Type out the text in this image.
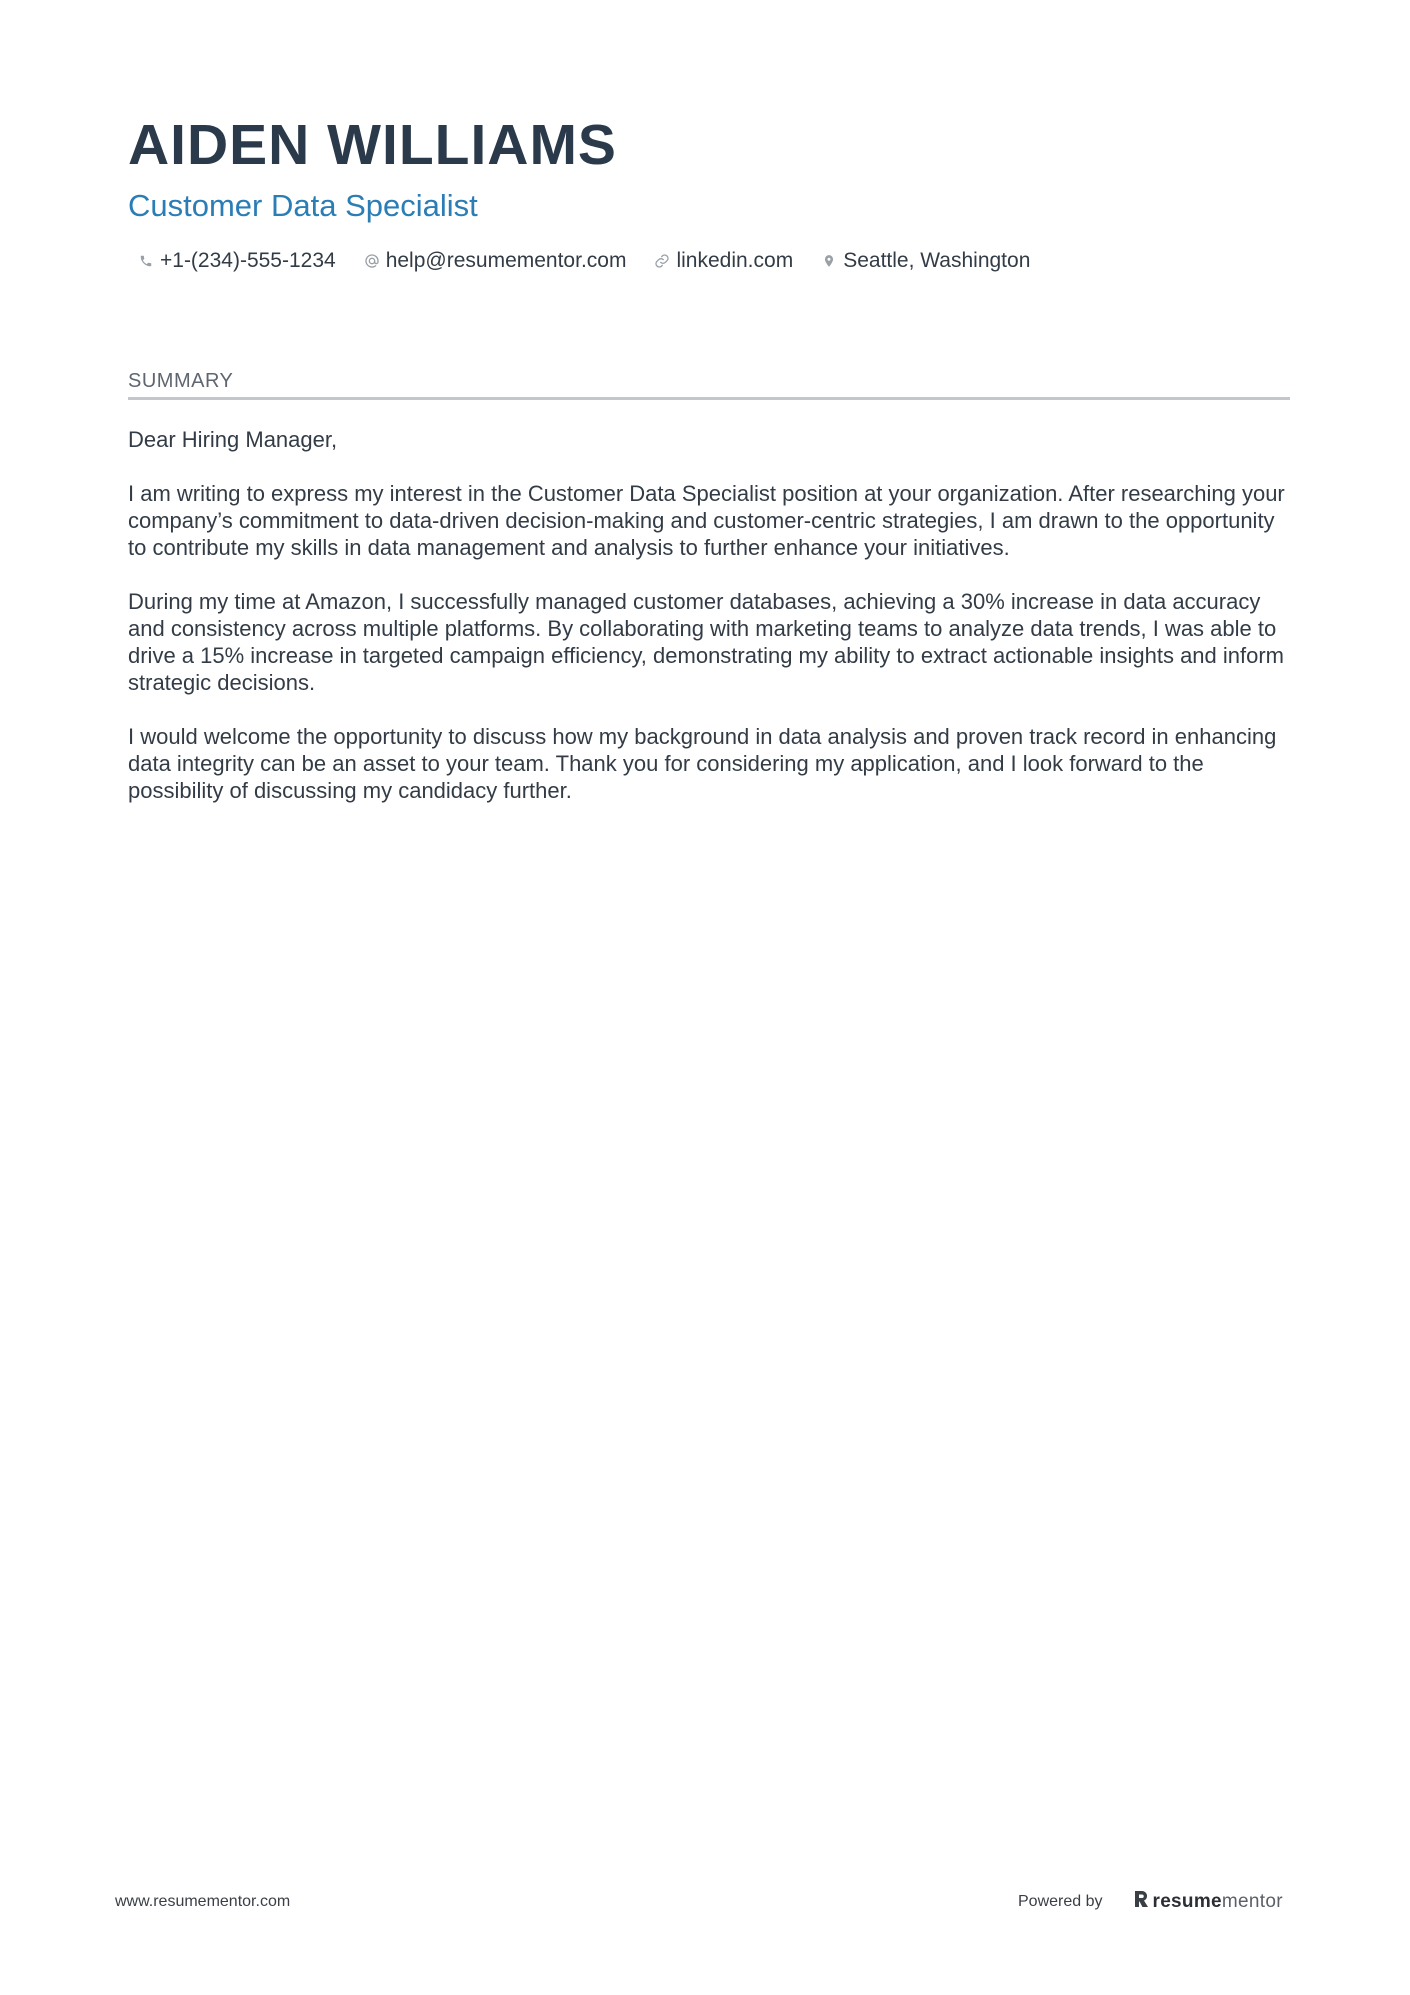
AIDEN WILLIAMS
Customer Data Specialist
+1-(234)-555-1234 help@resumementor.com linkedin.com Seattle, Washington
SUMMARY

Dear Hiring Manager,

I am writing to express my interest in the Customer Data Specialist position at your organization. After researching your company’s commitment to data-driven decision-making and customer-centric strategies, I am drawn to the opportunity to contribute my skills in data management and analysis to further enhance your initiatives.

During my time at Amazon, I successfully managed customer databases, achieving a 30% increase in data accuracy and consistency across multiple platforms. By collaborating with marketing teams to analyze data trends, I was able to drive a 15% increase in targeted campaign efficiency, demonstrating my ability to extract actionable insights and inform strategic decisions.

I would welcome the opportunity to discuss how my background in data analysis and proven track record in enhancing data integrity can be an asset to your team. Thank you for considering my application, and I look forward to the possibility of discussing my candidacy further.

www.resumementor.com	Powered by	resume mentor
